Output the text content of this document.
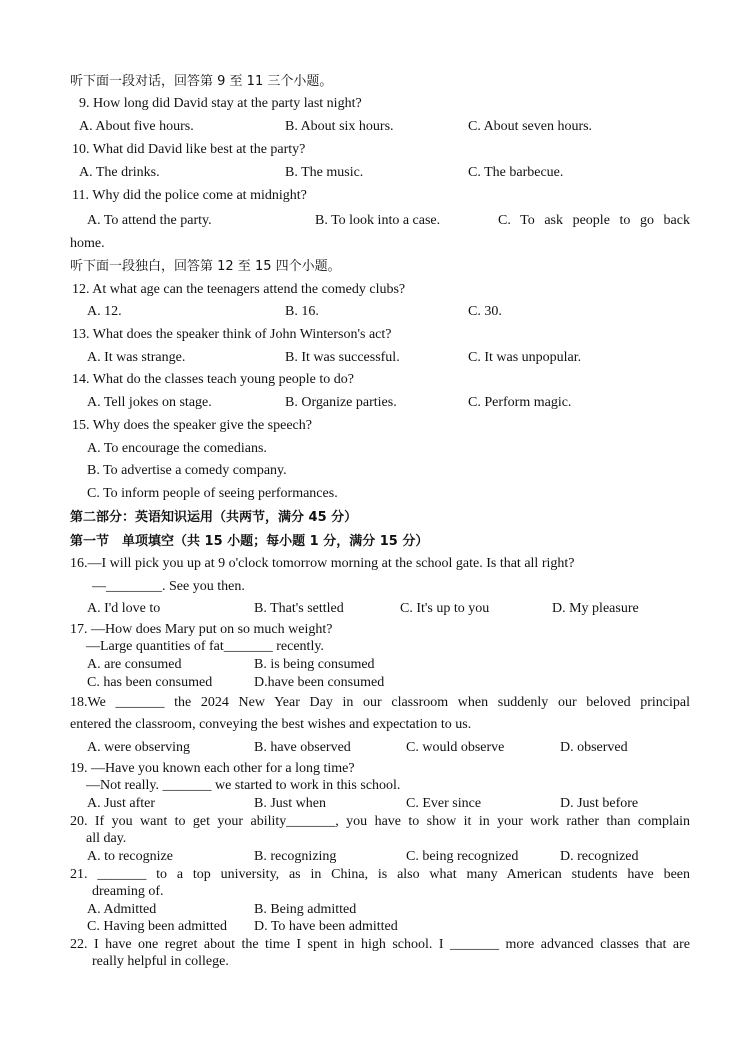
听下面一段对话，回答第 9 至 11 三个小题。
9. How long did David stay at the party last night?
A. About five hours.	B. About six hours.	C. About seven hours.
10. What did David like best at the party?
A. The drinks.	B. The music.	C. The barbecue.
11. Why did the police come at midnight?
A. To attend the party.	B. To look into a case.	C. To ask people to go back
home.
听下面一段独白，回答第 12 至 15 四个小题。
12. At what age can the teenagers attend the comedy clubs?
A. 12.	B. 16.	C. 30.
13. What does the speaker think of John Winterson's act?
A. It was strange.	B. It was successful.	C. It was unpopular.
14. What do the classes teach young people to do?
A. Tell jokes on stage.	B. Organize parties.	C. Perform magic.
15. Why does the speaker give the speech?
A. To encourage the comedians.
B. To advertise a comedy company.
C. To inform people of seeing performances.
第二部分：英语知识运用（共两节，满分 45 分）
第一节　单项填空（共 15 小题；每小题 1 分，满分 15 分）
16.—I will pick you up at 9 o'clock tomorrow morning at the school gate. Is that all right?
—________. See you then.
A. I'd love to	B. That's settled	C. It's up to you	D. My pleasure
17. —How does Mary put on so much weight?
—Large quantities of fat_______ recently.
A. are consumed	B. is being consumed
C. has been consumed	D.have been consumed
18.We _______ the 2024 New Year Day in our classroom when suddenly our beloved principal
entered the classroom, conveying the best wishes and expectation to us.
A. were observing	B. have observed	C. would observe	D. observed
19. —Have you known each other for a long time?
—Not really. _______ we started to work in this school.
A. Just after	B. Just when	C. Ever since	D. Just before
20. If you want to get your ability_______, you have to show it in your work rather than complain
all day.
A. to recognize	B. recognizing	C. being recognized	D. recognized
21. _______ to a top university, as in China, is also what many American students have been
dreaming of.
A. Admitted	B. Being admitted
C. Having been admitted D. To have been admitted
22. I have one regret about the time I spent in high school. I _______ more advanced classes that are
really helpful in college.
